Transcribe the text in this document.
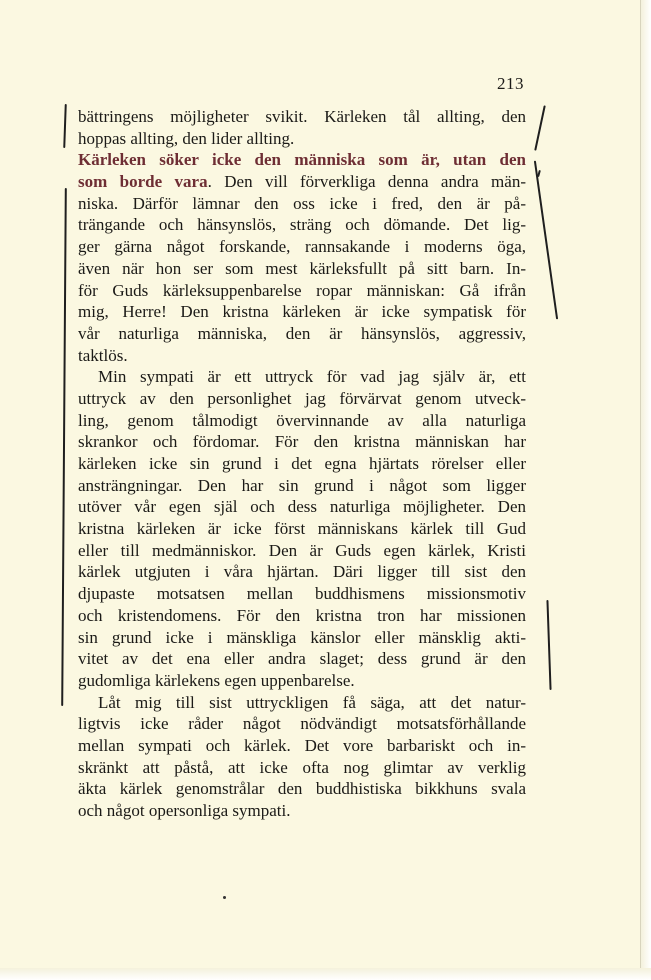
213
bättringens möjligheter svikit. Kärleken tål allting, den
hoppas allting, den lider allting.
Kärleken söker icke den människa som är, utan den
som borde vara. Den vill förverkliga denna andra män-
niska. Därför lämnar den oss icke i fred, den är på-
trängande och hänsynslös, sträng och dömande. Det lig-
ger gärna något forskande, rannsakande i moderns öga,
även när hon ser som mest kärleksfullt på sitt barn. In-
för Guds kärleksuppenbarelse ropar människan: Gå ifrån
mig, Herre! Den kristna kärleken är icke sympatisk för
vår naturliga människa, den är hänsynslös, aggressiv,
taktlös.
Min sympati är ett uttryck för vad jag själv är, ett
uttryck av den personlighet jag förvärvat genom utveck-
ling, genom tålmodigt övervinnande av alla naturliga
skrankor och fördomar. För den kristna människan har
kärleken icke sin grund i det egna hjärtats rörelser eller
ansträngningar. Den har sin grund i något som ligger
utöver vår egen själ och dess naturliga möjligheter. Den
kristna kärleken är icke först människans kärlek till Gud
eller till medmänniskor. Den är Guds egen kärlek, Kristi
kärlek utgjuten i våra hjärtan. Däri ligger till sist den
djupaste motsatsen mellan buddhismens missionsmotiv
och kristendomens. För den kristna tron har missionen
sin grund icke i mänskliga känslor eller mänsklig akti-
vitet av det ena eller andra slaget; dess grund är den
gudomliga kärlekens egen uppenbarelse.
Låt mig till sist uttryckligen få säga, att det natur-
ligtvis icke råder något nödvändigt motsatsförhållande
mellan sympati och kärlek. Det vore barbariskt och in-
skränkt att påstå, att icke ofta nog glimtar av verklig
äkta kärlek genomstrålar den buddhistiska bikkhuns svala
och något opersonliga sympati.
